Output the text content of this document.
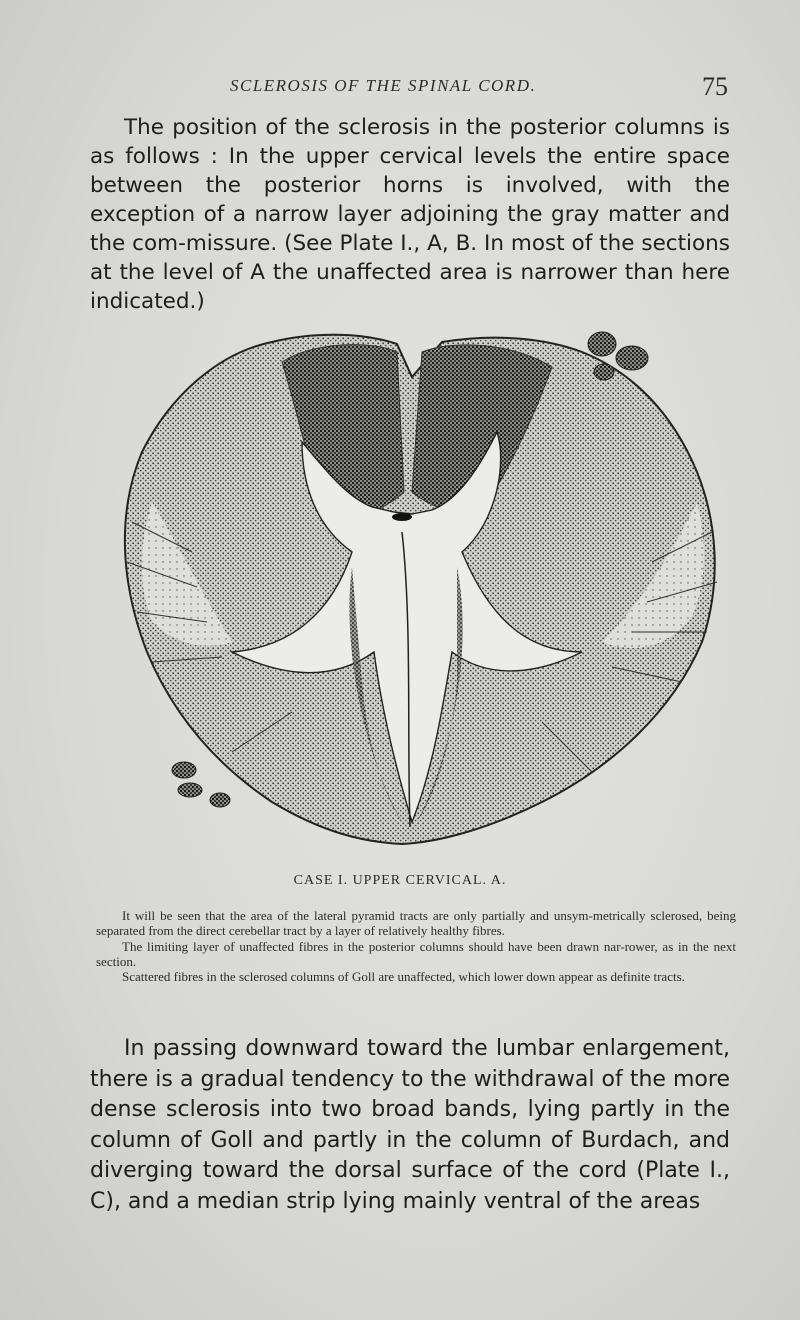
SCLEROSIS OF THE SPINAL CORD.	75

The position of the sclerosis in the posterior columns is as follows : In the upper cervical levels the entire space between the posterior horns is involved, with the exception of a narrow layer adjoining the gray matter and the com-missure. (See Plate I., A, B. In most of the sections at the level of A the unaffected area is narrower than here indicated.)

CASE I. UPPER CERVICAL. A.

It will be seen that the area of the lateral pyramid tracts are only partially and unsym-metrically sclerosed, being separated from the direct cerebellar tract by a layer of relatively healthy fibres.

The limiting layer of unaffected fibres in the posterior columns should have been drawn nar-rower, as in the next section.

Scattered fibres in the sclerosed columns of Goll are unaffected, which lower down appear as definite tracts.

In passing downward toward the lumbar enlargement, there is a gradual tendency to the withdrawal of the more dense sclerosis into two broad bands, lying partly in the column of Goll and partly in the column of Burdach, and diverging toward the dorsal surface of the cord (Plate I., C), and a median strip lying mainly ventral of the areas
